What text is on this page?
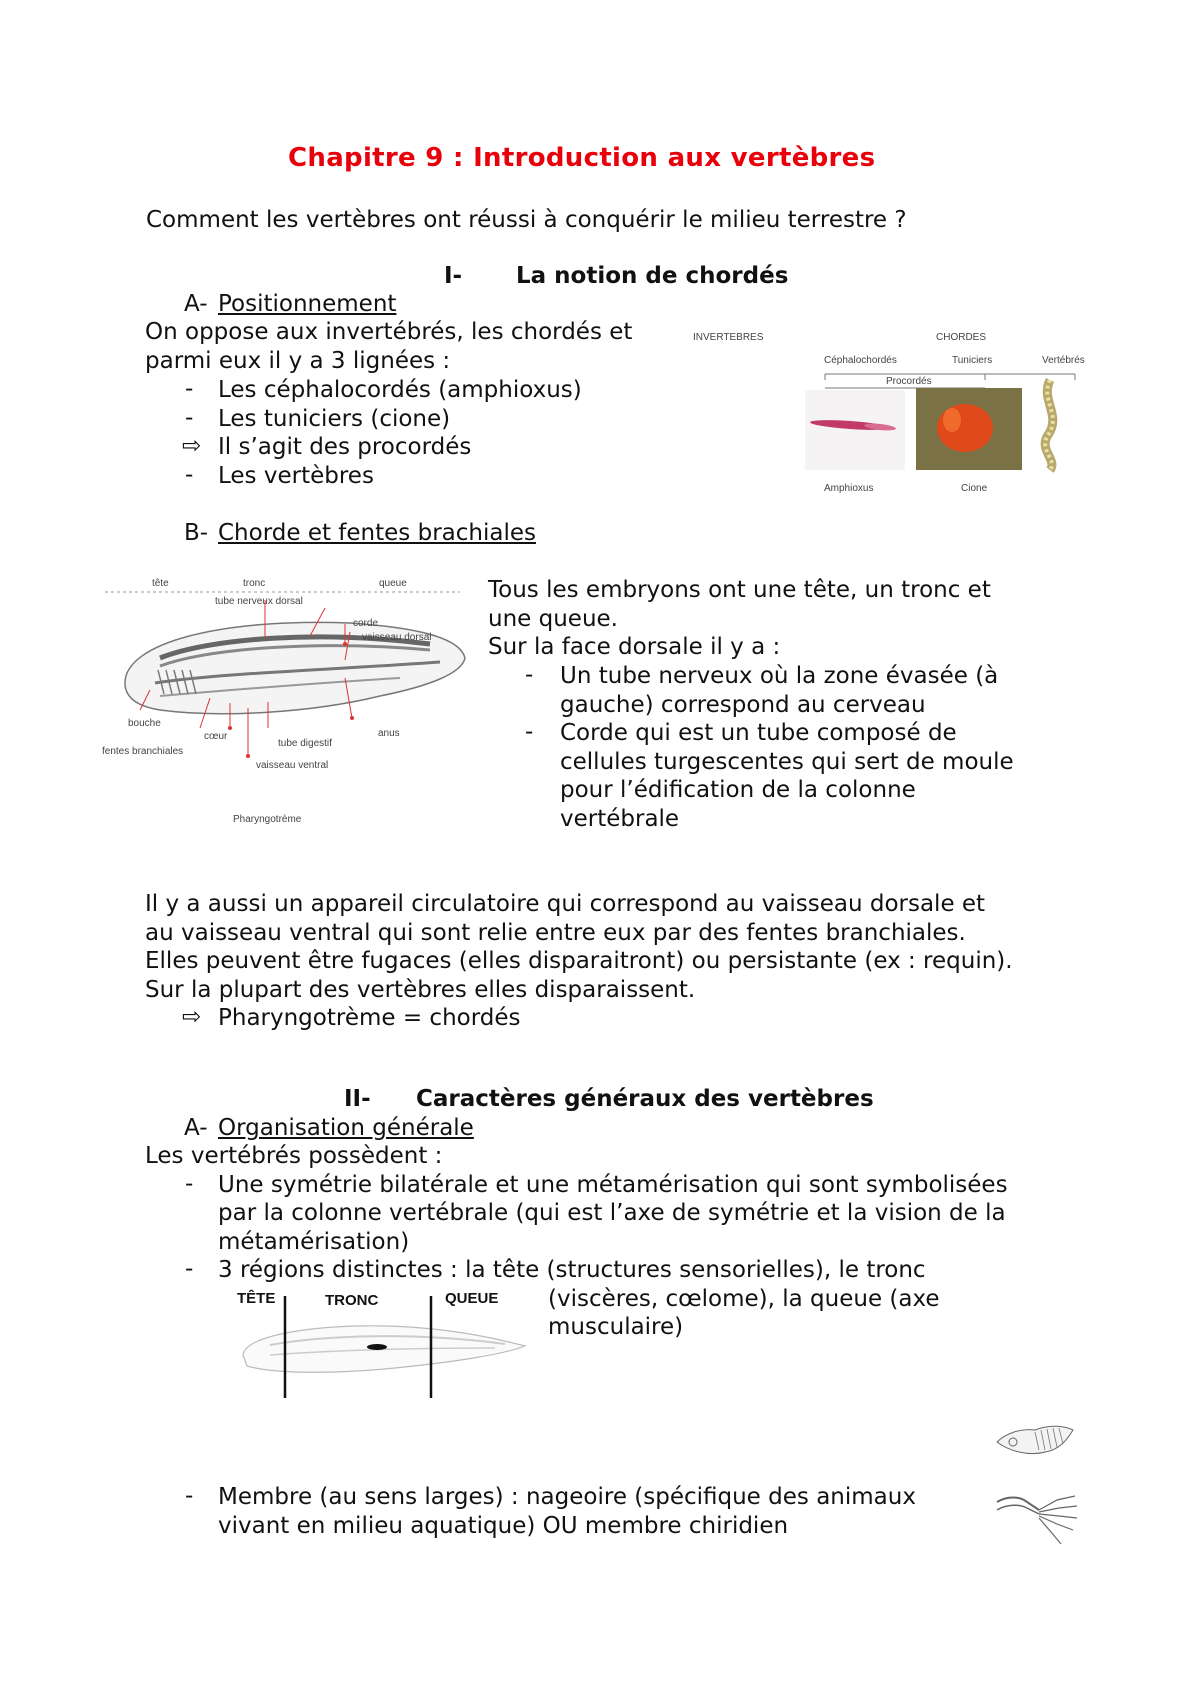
Chapitre 9 : Introduction aux vertèbres
Comment les vertèbres ont réussi à conquérir le milieu terrestre ?
I- La notion de chordés
A- Positionnement
On oppose aux invertébrés, les chordés et
parmi eux il y a 3 lignées :
-	Les céphalocordés (amphioxus)
-	Les tuniciers (cione)
⇨ Il s’agit des procordés
-	Les vertèbres
INVERTEBRES	CHORDES
Céphalochordés	Tuniciers	Vertébrés
Procordés
Amphioxus	Cione
B- Chorde et fentes brachiales
tête	tronc	queue
tube nerveux dorsal
corde
vaisseau dorsal
bouche
fentes branchiales
cœur
tube digestif
anus
vaisseau ventral
Pharyngotrème
Tous les embryons ont une tête, un tronc et
une queue.
Sur la face dorsale il y a :
-	Un tube nerveux où la zone évasée (à
gauche) correspond au cerveau
-	Corde qui est un tube composé de
cellules turgescentes qui sert de moule
pour l’édification de la colonne
vertébrale
Il y a aussi un appareil circulatoire qui correspond au vaisseau dorsale et
au vaisseau ventral qui sont relie entre eux par des fentes branchiales.
Elles peuvent être fugaces (elles disparaitront) ou persistante (ex : requin).
Sur la plupart des vertèbres elles disparaissent.
⇨ Pharyngotrème = chordés
II- Caractères généraux des vertèbres
A- Organisation générale
Les vertébrés possèdent :
-	Une symétrie bilatérale et une métamérisation qui sont symbolisées
par la colonne vertébrale (qui est l’axe de symétrie et la vision de la
métamérisation)
-	3 régions distinctes : la tête (structures sensorielles), le tronc
(viscères, cœlome), la queue (axe
musculaire)
TÊTE	TRONC	QUEUE
-	Membre (au sens larges) : nageoire (spécifique des animaux
vivant en milieu aquatique) OU membre chiridien
